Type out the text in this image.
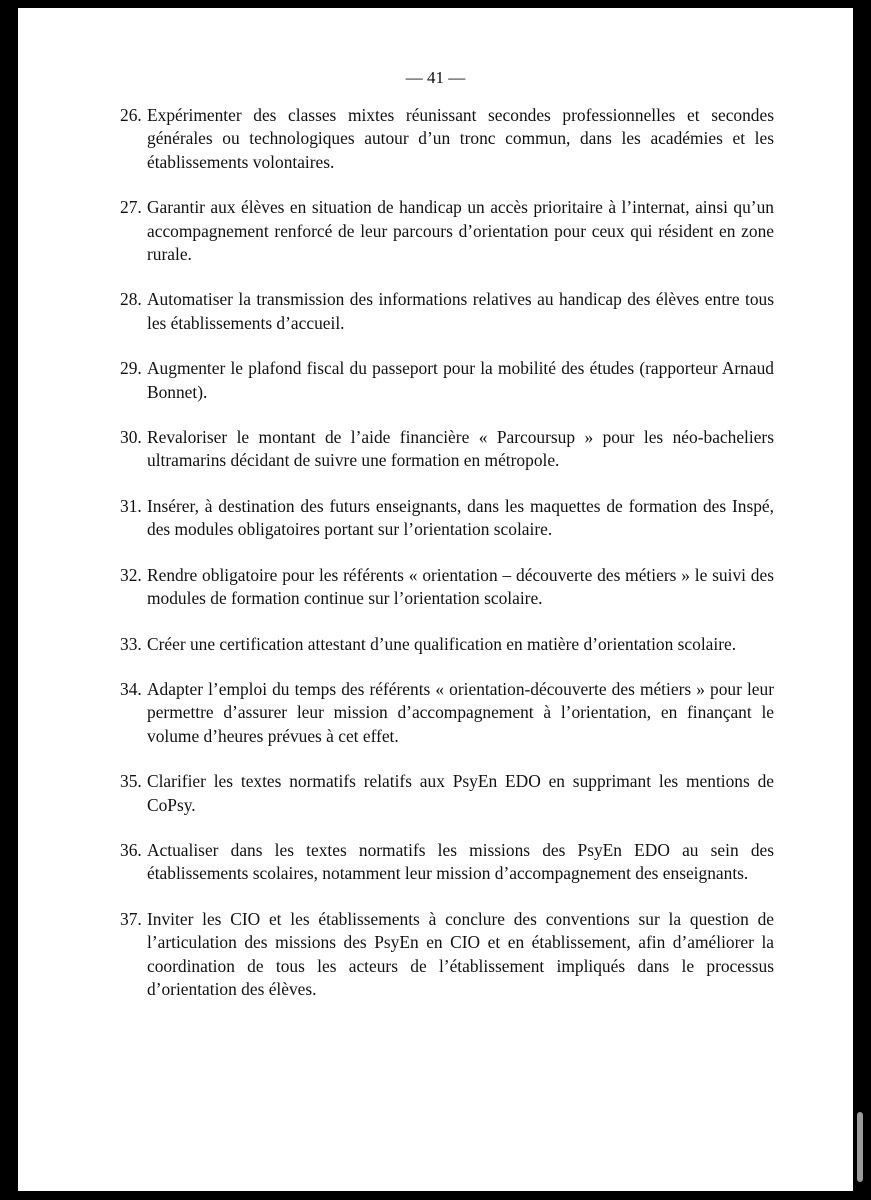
— 41 —
26. Expérimenter des classes mixtes réunissant secondes professionnelles et secondes générales ou technologiques autour d’un tronc commun, dans les académies et les établissements volontaires.
27. Garantir aux élèves en situation de handicap un accès prioritaire à l’internat, ainsi qu’un accompagnement renforcé de leur parcours d’orientation pour ceux qui résident en zone rurale.
28. Automatiser la transmission des informations relatives au handicap des élèves entre tous les établissements d’accueil.
29. Augmenter le plafond fiscal du passeport pour la mobilité des études (rapporteur Arnaud Bonnet).
30. Revaloriser le montant de l’aide financière « Parcoursup » pour les néo-bacheliers ultramarins décidant de suivre une formation en métropole.
31. Insérer, à destination des futurs enseignants, dans les maquettes de formation des Inspé, des modules obligatoires portant sur l’orientation scolaire.
32. Rendre obligatoire pour les référents « orientation – découverte des métiers » le suivi des modules de formation continue sur l’orientation scolaire.
33. Créer une certification attestant d’une qualification en matière d’orientation scolaire.
34. Adapter l’emploi du temps des référents « orientation-découverte des métiers » pour leur permettre d’assurer leur mission d’accompagnement à l’orientation, en finançant le volume d’heures prévues à cet effet.
35. Clarifier les textes normatifs relatifs aux PsyEn EDO en supprimant les mentions de CoPsy.
36. Actualiser dans les textes normatifs les missions des PsyEn EDO au sein des établissements scolaires, notamment leur mission d’accompagnement des enseignants.
37. Inviter les CIO et les établissements à conclure des conventions sur la question de l’articulation des missions des PsyEn en CIO et en établissement, afin d’améliorer la coordination de tous les acteurs de l’établissement impliqués dans le processus d’orientation des élèves.
